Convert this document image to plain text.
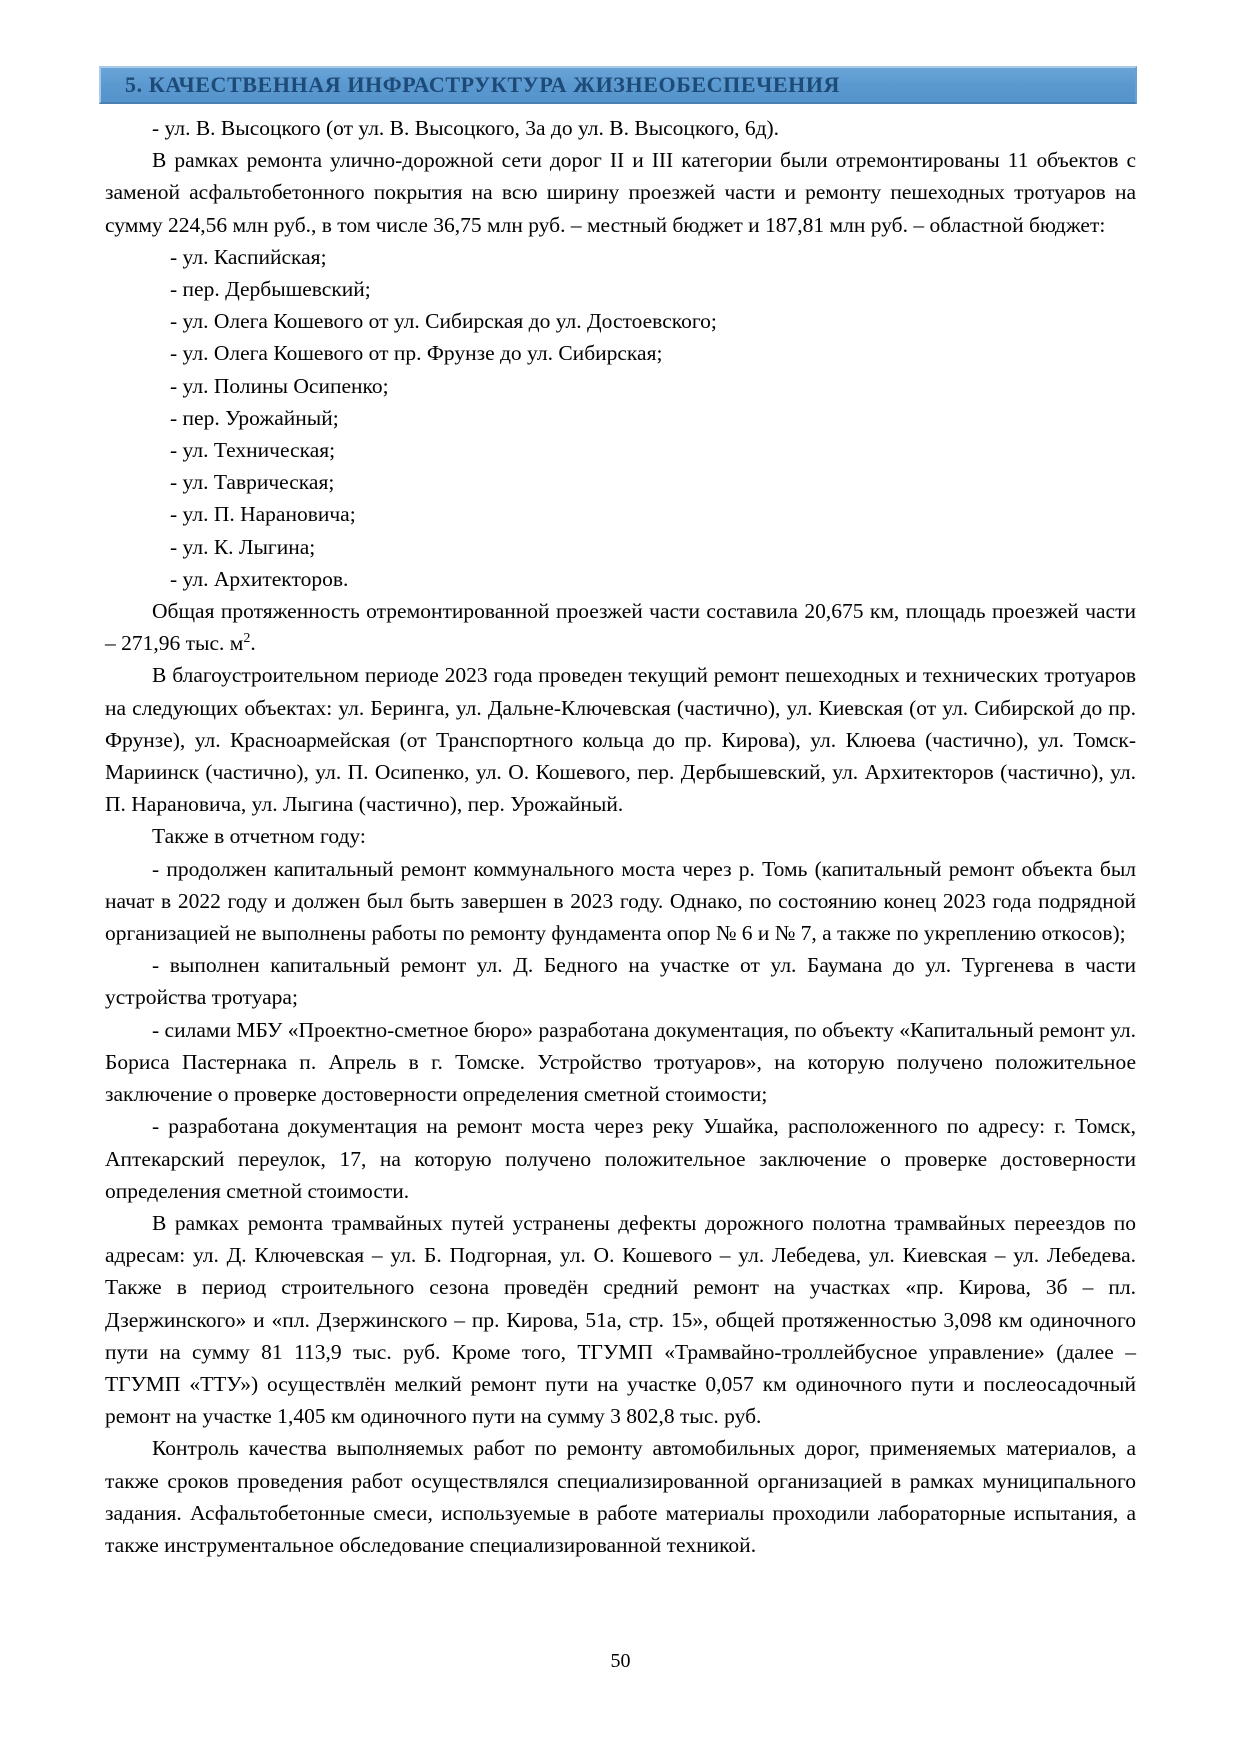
5. КАЧЕСТВЕННАЯ ИНФРАСТРУКТУРА ЖИЗНЕОБЕСПЕЧЕНИЯ

- ул. В. Высоцкого (от ул. В. Высоцкого, 3а до ул. В. Высоцкого, 6д).

В рамках ремонта улично-дорожной сети дорог II и III категории были отремонтированы 11 объектов с заменой асфальтобетонного покрытия на всю ширину проезжей части и ремонту пешеходных тротуаров на сумму 224,56 млн руб., в том числе 36,75 млн руб. – местный бюджет и 187,81 млн руб. – областной бюджет:

- ул. Каспийская;

- пер. Дербышевский;

- ул. Олега Кошевого от ул. Сибирская до ул. Достоевского;

- ул. Олега Кошевого от пр. Фрунзе до ул. Сибирская;

- ул. Полины Осипенко;

- пер. Урожайный;

- ул. Техническая;

- ул. Таврическая;

- ул. П. Нарановича;

- ул. К. Лыгина;

- ул. Архитекторов.

Общая протяженность отремонтированной проезжей части составила 20,675 км, площадь проезжей части – 271,96 тыс. $м^2$.

В благоустроительном периоде 2023 года проведен текущий ремонт пешеходных и технических тротуаров на следующих объектах: ул. Беринга, ул. Дальне-Ключевская (частично), ул. Киевская (от ул. Сибирской до пр. Фрунзе), ул. Красноармейская (от Транспортного кольца до пр. Кирова), ул. Клюева (частично), ул. Томск-Мариинск (частично), ул. П. Осипенко, ул. О. Кошевого, пер. Дербышевский, ул. Архитекторов (частично), ул. П. Нарановича, ул. Лыгина (частично), пер. Урожайный.

Также в отчетном году:

- продолжен капитальный ремонт коммунального моста через р. Томь (капитальный ремонт объекта был начат в 2022 году и должен был быть завершен в 2023 году. Однако, по состоянию конец 2023 года подрядной организацией не выполнены работы по ремонту фундамента опор № 6 и № 7, а также по укреплению откосов);

- выполнен капитальный ремонт ул. Д. Бедного на участке от ул. Баумана до ул. Тургенева в части устройства тротуара;

- силами МБУ «Проектно-сметное бюро» разработана документация, по объекту «Капитальный ремонт ул. Бориса Пастернака п. Апрель в г. Томске. Устройство тротуаров», на которую получено положительное заключение о проверке достоверности определения сметной стоимости;

- разработана документация на ремонт моста через реку Ушайка, расположенного по адресу: г. Томск, Аптекарский переулок, 17, на которую получено положительное заключение о проверке достоверности определения сметной стоимости.

В рамках ремонта трамвайных путей устранены дефекты дорожного полотна трамвайных переездов по адресам: ул. Д. Ключевская – ул. Б. Подгорная, ул. О. Кошевого – ул. Лебедева, ул. Киевская – ул. Лебедева. Также в период строительного сезона проведён средний ремонт на участках «пр. Кирова, 3б – пл. Дзержинского» и «пл. Дзержинского – пр. Кирова, 51а, стр. 15», общей протяженностью 3,098 км одиночного пути на сумму 81 113,9 тыс. руб. Кроме того, ТГУМП «Трамвайно-троллейбусное управление» (далее – ТГУМП «ТТУ») осуществлён мелкий ремонт пути на участке 0,057 км одиночного пути и послеосадочный ремонт на участке 1,405 км одиночного пути на сумму 3 802,8 тыс. руб.

Контроль качества выполняемых работ по ремонту автомобильных дорог, применяемых материалов, а также сроков проведения работ осуществлялся специализированной организацией в рамках муниципального задания. Асфальтобетонные смеси, используемые в работе материалы проходили лабораторные испытания, а также инструментальное обследование специализированной техникой.

50
